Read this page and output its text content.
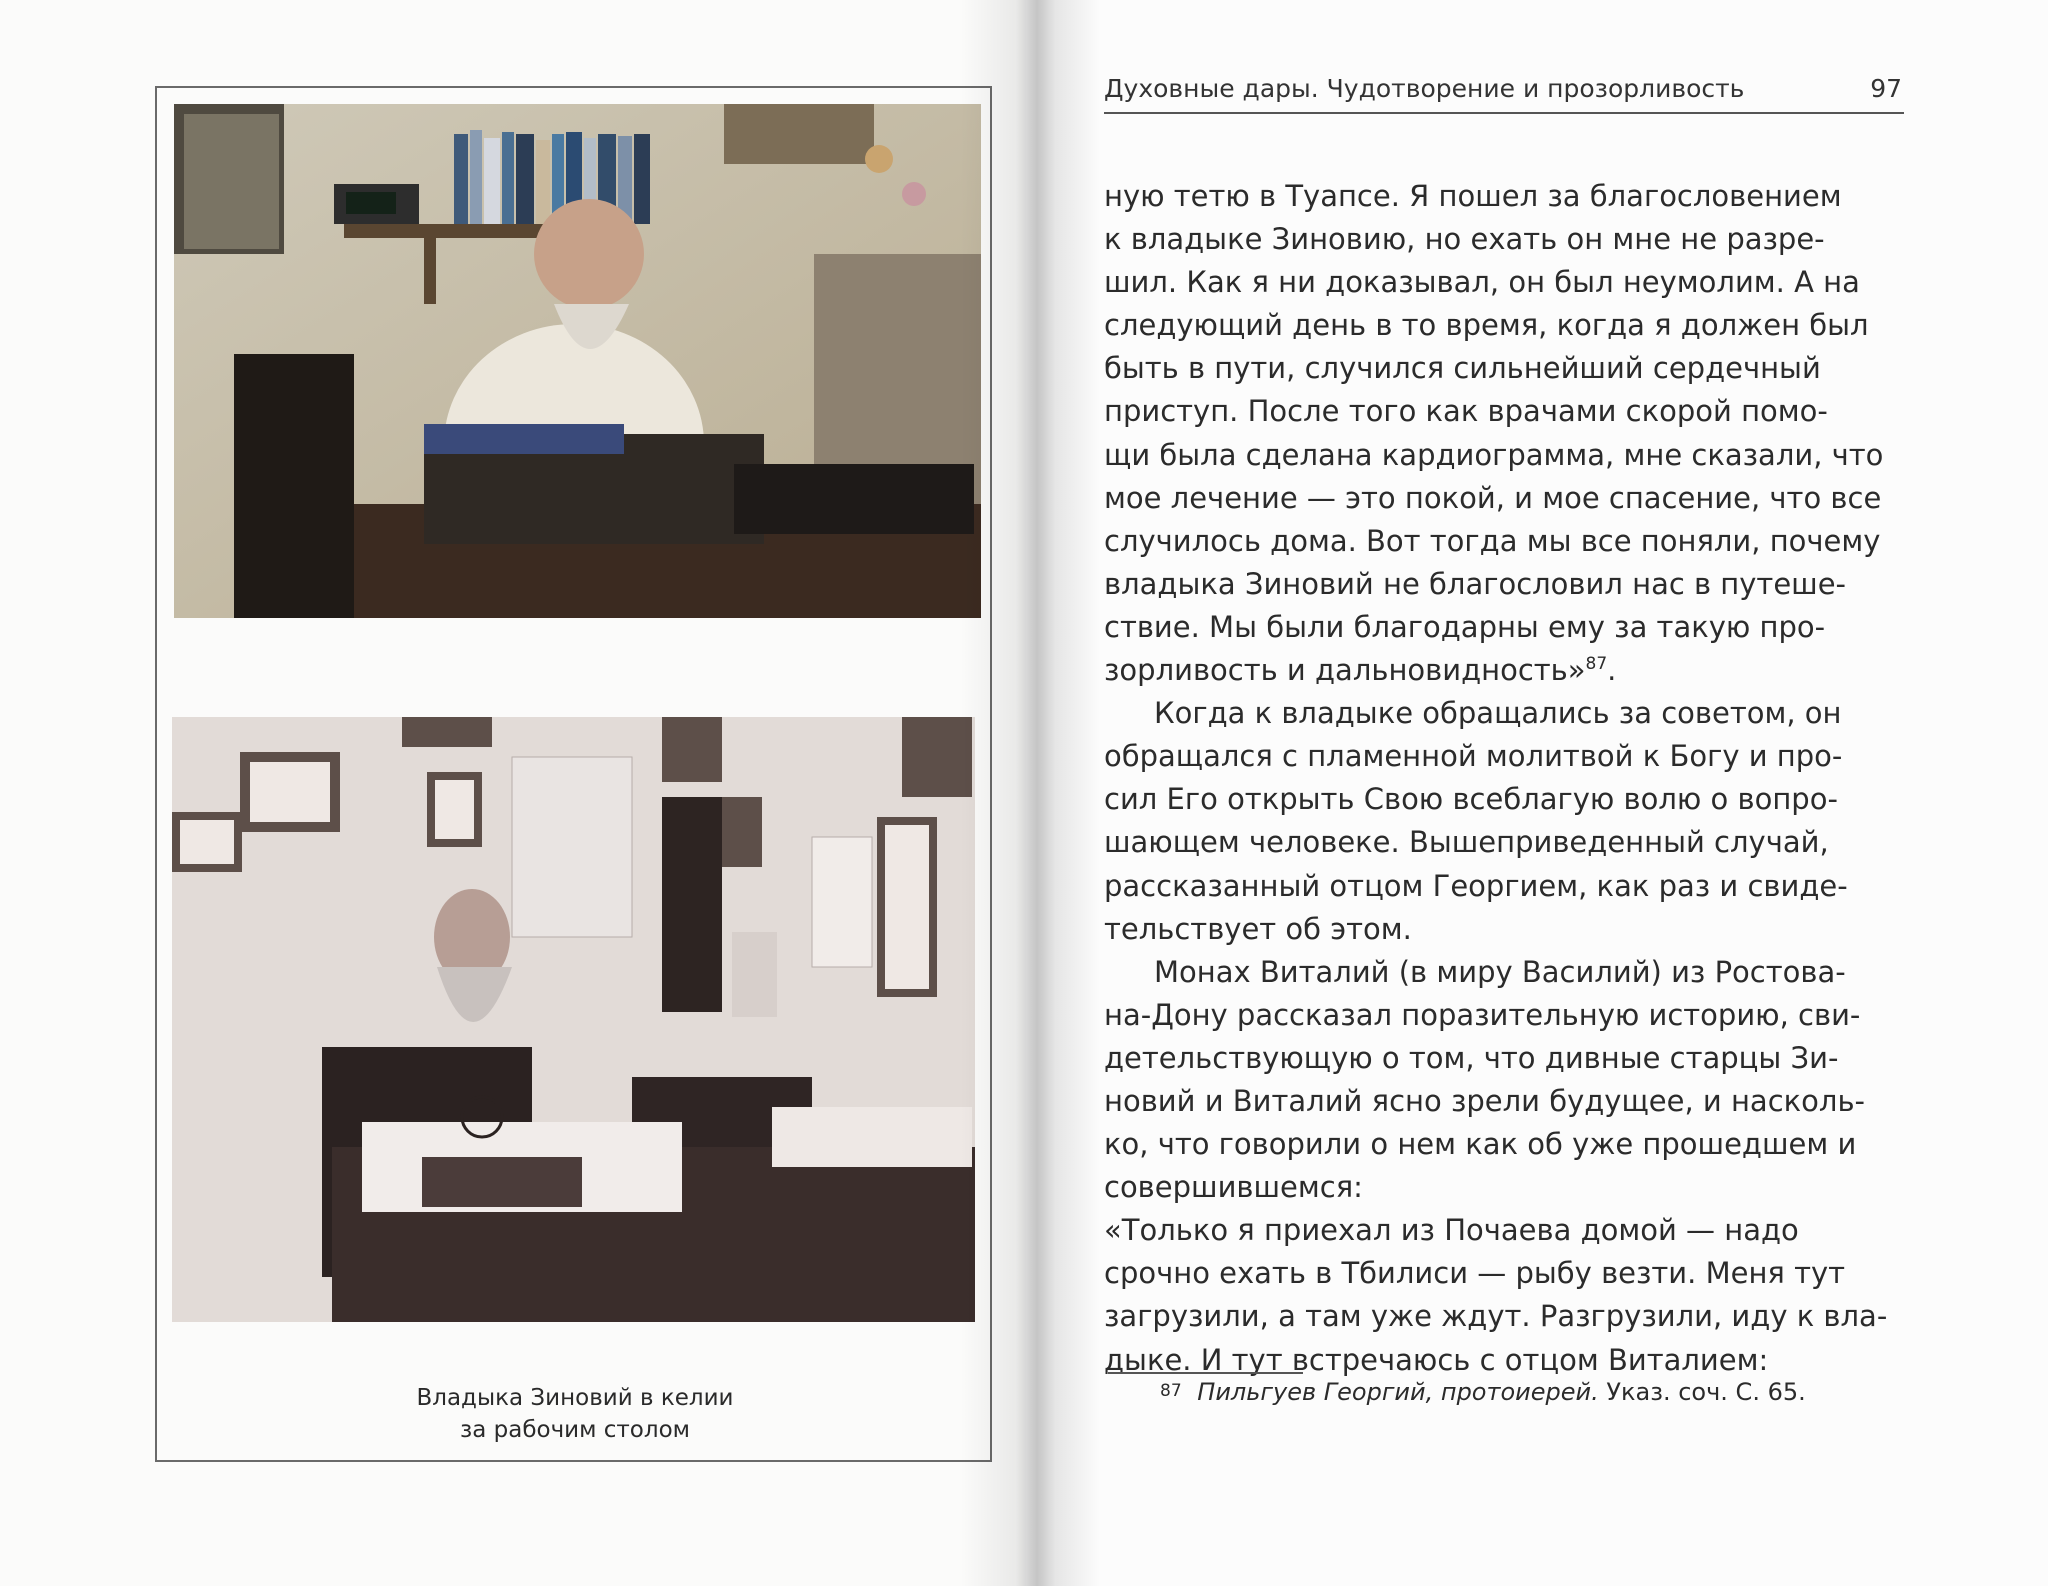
Владыка Зиновий в келии
за рабочим столом
Духовные дары. Чудотворение и прозорливость	97
ную тетю в Туапсе. Я пошел за благословением
к владыке Зиновию, но ехать он мне не разре-
шил. Как я ни доказывал, он был неумолим. А на
следующий день в то время, когда я должен был
быть в пути, случился сильнейший сердечный
приступ. После того как врачами скорой помо-
щи была сделана кардиограмма, мне сказали, что
мое лечение — это покой, и мое спасение, что все
случилось дома. Вот тогда мы все поняли, почему
владыка Зиновий не благословил нас в путеше-
ствие. Мы были благодарны ему за такую про-
зорливость и дальновидность»$^{87}$.
Когда к владыке обращались за советом, он
обращался с пламенной молитвой к Богу и про-
сил Его открыть Свою всеблагую волю о вопро-
шающем человеке. Вышеприведенный случай,
рассказанный отцом Георгием, как раз и свиде-
тельствует об этом.
Монах Виталий (в миру Василий) из Ростова-
на-Дону рассказал поразительную историю, сви-
детельствующую о том, что дивные старцы Зи-
новий и Виталий ясно зрели будущее, и насколь-
ко, что говорили о нем как об уже прошедшем и
совершившемся:
«Только я приехал из Почаева домой — надо
срочно ехать в Тбилиси — рыбу везти. Меня тут
загрузили, а там уже ждут. Разгрузили, иду к вла-
дыке. И тут встречаюсь с отцом Виталием:
87 Пильгуев Георгий, протоиерей. Указ. соч. С. 65.
